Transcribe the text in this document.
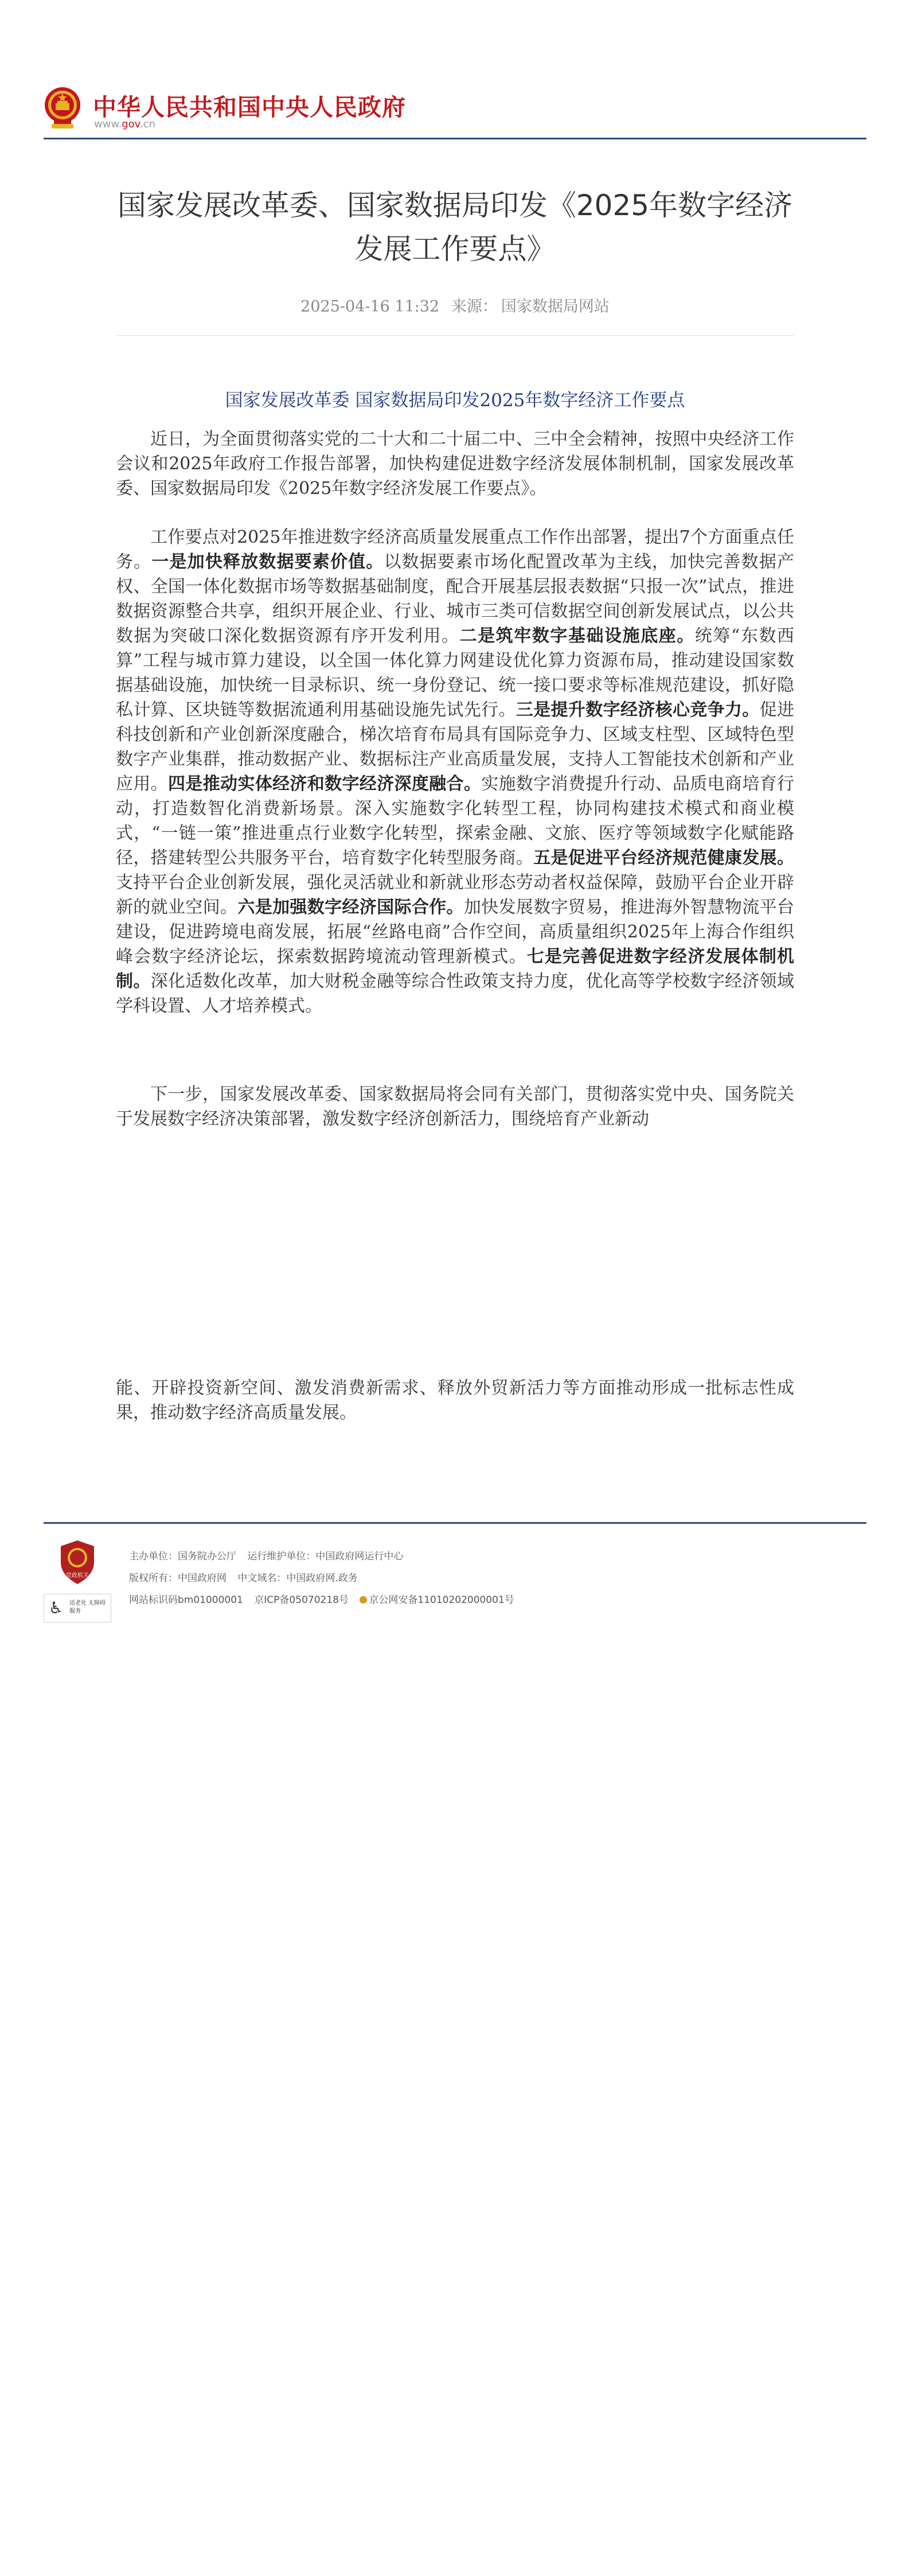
中华人民共和国中央人民政府
www.gov.cn
国家发展改革委、国家数据局印发《2025年数字经济发展工作要点》
2025-04-16 11:32 来源： 国家数据局网站
国家发展改革委 国家数据局印发2025年数字经济工作要点

近日，为全面贯彻落实党的二十大和二十届二中、三中全会精神，按照中央经济工作会议和2025年政府工作报告部署，加快构建促进数字经济发展体制机制，国家发展改革委、国家数据局印发《2025年数字经济发展工作要点》。

工作要点对2025年推进数字经济高质量发展重点工作作出部署，提出7个方面重点任务。一是加快释放数据要素价值。以数据要素市场化配置改革为主线，加快完善数据产权、全国一体化数据市场等数据基础制度，配合开展基层报表数据“只报一次”试点，推进数据资源整合共享，组织开展企业、行业、城市三类可信数据空间创新发展试点，以公共数据为突破口深化数据资源有序开发利用。二是筑牢数字基础设施底座。统筹“东数西算”工程与城市算力建设，以全国一体化算力网建设优化算力资源布局，推动建设国家数据基础设施，加快统一目录标识、统一身份登记、统一接口要求等标准规范建设，抓好隐私计算、区块链等数据流通利用基础设施先试先行。三是提升数字经济核心竞争力。促进科技创新和产业创新深度融合，梯次培育布局具有国际竞争力、区域支柱型、区域特色型数字产业集群，推动数据产业、数据标注产业高质量发展，支持人工智能技术创新和产业应用。四是推动实体经济和数字经济深度融合。实施数字消费提升行动、品质电商培育行动，打造数智化消费新场景。深入实施数字化转型工程，协同构建技术模式和商业模式，“一链一策”推进重点行业数字化转型，探索金融、文旅、医疗等领域数字化赋能路径，搭建转型公共服务平台，培育数字化转型服务商。五是促进平台经济规范健康发展。支持平台企业创新发展，强化灵活就业和新就业形态劳动者权益保障，鼓励平台企业开辟新的就业空间。六是加强数字经济国际合作。加快发展数字贸易，推进海外智慧物流平台建设，促进跨境电商发展，拓展“丝路电商”合作空间，高质量组织2025年上海合作组织峰会数字经济论坛，探索数据跨境流动管理新模式。七是完善促进数字经济发展体制机制。深化适数化改革，加大财税金融等综合性政策支持力度，优化高等学校数字经济领域学科设置、人才培养模式。

下一步，国家发展改革委、国家数据局将会同有关部门，贯彻落实党中央、国务院关于发展数字经济决策部署，激发数字经济创新活力，围绕培育产业新动

能、开辟投资新空间、激发消费新需求、释放外贸新活力等方面推动形成一批标志性成果，推动数字经济高质量发展。

党政机关
♿ 适老化 无障碍服务
主办单位：国务院办公厅 运行维护单位：中国政府网运行中心
版权所有：中国政府网 中文域名：中国政府网.政务
网站标识码bm01000001 京ICP备05070218号 京公网安备11010202000001号
